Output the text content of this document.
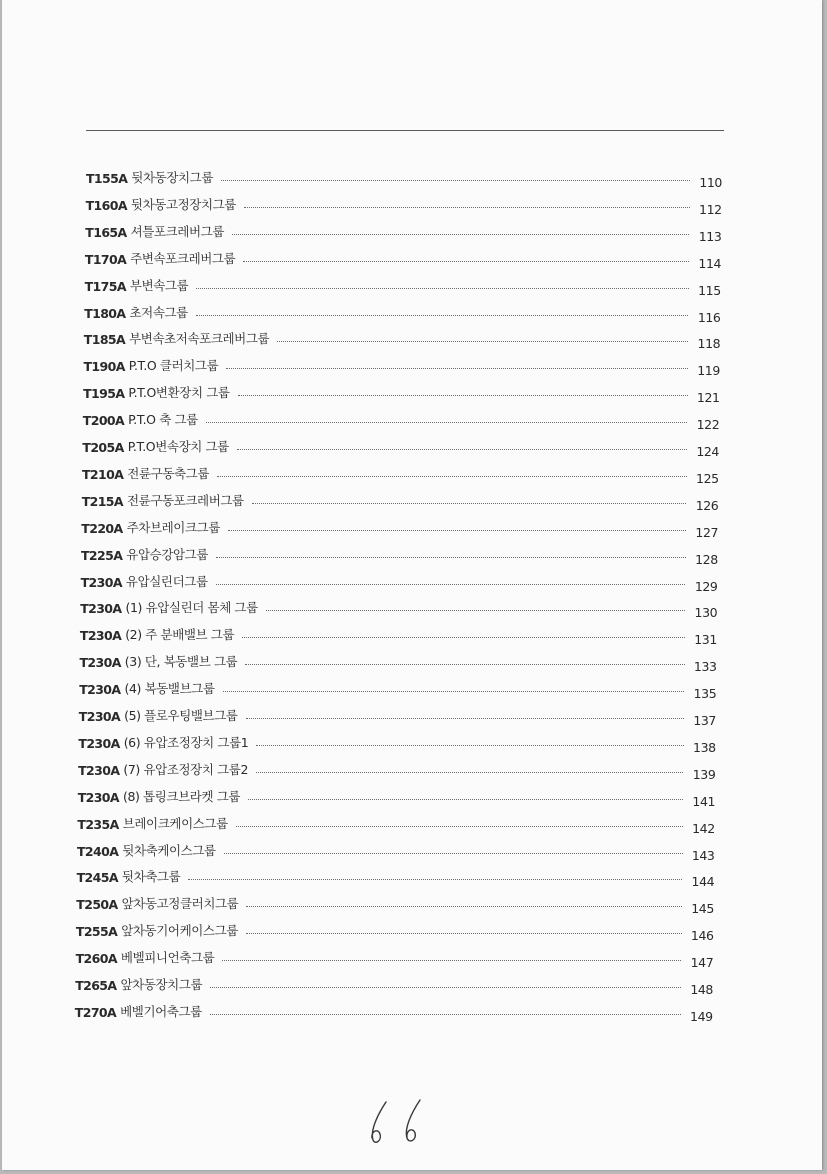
T155A 뒷차동장치그룹	110
T160A 뒷차동고정장치그룹	112
T165A 셔틀포크레버그룹	113
T170A 주변속포크레버그룹	114
T175A 부변속그룹	115
T180A 초저속그룹	116
T185A 부변속초저속포크레버그룹	118
T190A P.T.O 클러치그룹	119
T195A P.T.O변환장치 그룹	121
T200A P.T.O 축 그룹	122
T205A P.T.O변속장치 그룹	124
T210A 전륜구동축그룹	125
T215A 전륜구동포크레버그룹	126
T220A 주차브레이크그룹	127
T225A 유압승강암그룹	128
T230A 유압실린더그룹	129
T230A (1) 유압실린더 몸체 그룹	130
T230A (2) 주 분배밸브 그룹	131
T230A (3) 단, 복동밸브 그룹	133
T230A (4) 복동밸브그룹	135
T230A (5) 플로우팅밸브그룹	137
T230A (6) 유압조정장치 그룹1	138
T230A (7) 유압조정장치 그룹2	139
T230A (8) 톱링크브라켓 그룹	141
T235A 브레이크케이스그룹	142
T240A 뒷차축케이스그룹	143
T245A 뒷차축그룹	144
T250A 앞차동고정클러치그룹	145
T255A 앞차동기어케이스그룹	146
T260A 베벨피니언축그룹	147
T265A 앞차동장치그룹	148
T270A 베벨기어축그룹	149
